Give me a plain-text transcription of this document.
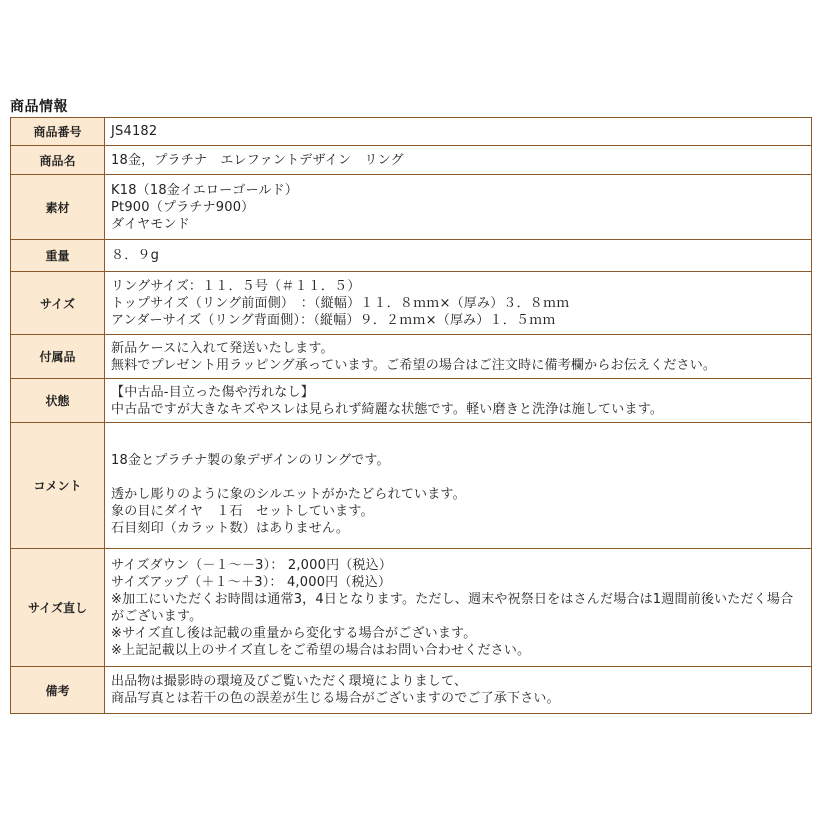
商品情報
商品番号	JS4182

商品名	18金，プラチナ　エレファントデザイン　リング

素材	K18（18金イエローゴールド）
Pt900（プラチナ900）
ダイヤモンド

重量	８．９g

サイズ	リングサイズ：１１．５号（＃１１．５）
トップサイズ（リング前面側）　：（縦幅）１１．８ｍｍ×（厚み）３．８ｍｍ
アンダーサイズ（リング背面側）：（縦幅）９．２ｍｍ×（厚み）１．５ｍｍ

付属品	新品ケースに入れて発送いたします。
無料でプレゼント用ラッピング承っています。ご希望の場合はご注文時に備考欄からお伝えください。

状態	【中古品-目立った傷や汚れなし】
中古品ですが大きなキズやスレは見られず綺麗な状態です。軽い磨きと洗浄は施しています。

コメント	18金とプラチナ製の象デザインのリングです。
透かし彫りのように象のシルエットがかたどられています。
象の目にダイヤ　１石　セットしています。
石目刻印（カラット数）はありません。

サイズ直し	サイズダウン（－１～－3）： 2,000円（税込）
サイズアップ（＋１～＋3）： 4,000円（税込）
※加工にいただくお時間は通常3，4日となります。ただし、週末や祝祭日をはさんだ場合は1週間前後いただく場合がございます。
※サイズ直し後は記載の重量から変化する場合がございます。
※上記記載以上のサイズ直しをご希望の場合はお問い合わせください。

備考	出品物は撮影時の環境及びご覧いただく環境によりまして、
商品写真とは若干の色の誤差が生じる場合がございますのでご了承下さい。
